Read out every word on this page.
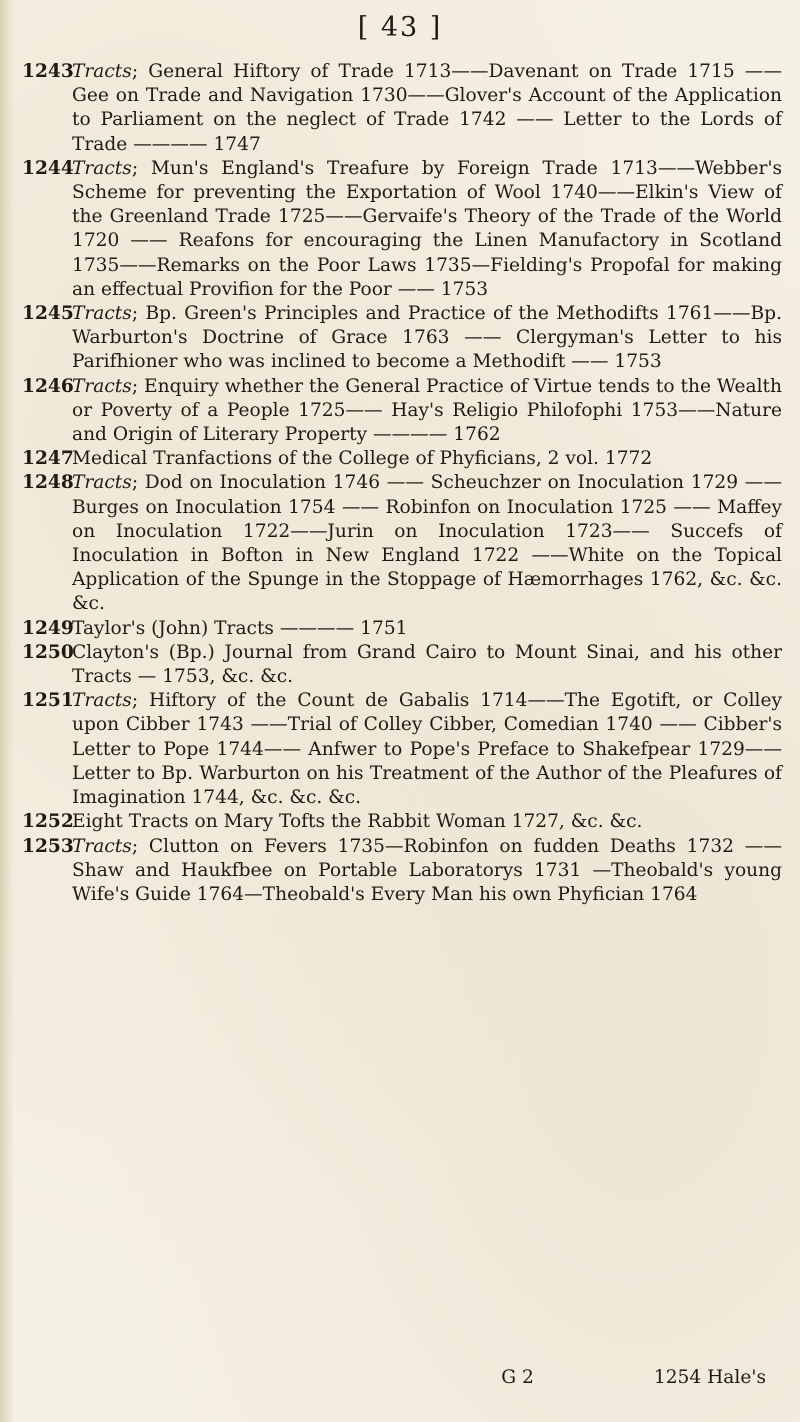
[ 43 ]

1243
Tracts; General Hiftory of Trade 1713——Davenant on Trade 1715 —— Gee on Trade and Navigation 1730——Glover's Account of the Application to Parliament on the neglect of Trade 1742 —— Letter to the Lords of Trade ———— 1747

1244
Tracts; Mun's England's Treafure by Foreign Trade 1713——Webber's Scheme for preventing the Exportation of Wool 1740——Elkin's View of the Greenland Trade 1725——Gervaife's Theory of the Trade of the World 1720 —— Reafons for encouraging the Linen Manufactory in Scotland 1735——Remarks on the Poor Laws 1735—Fielding's Propofal for making an effectual Provifion for the Poor —— 1753

1245
Tracts; Bp. Green's Principles and Practice of the Methodifts 1761——Bp. Warburton's Doctrine of Grace 1763 —— Clergyman's Letter to his Parifhioner who was inclined to become a Methodift —— 1753

1246
Tracts; Enquiry whether the General Practice of Virtue tends to the Wealth or Poverty of a People 1725—— Hay's Religio Philofophi 1753——Nature and Origin of Literary Property ———— 1762

1247
Medical Tranfactions of the College of Phyficians, 2 vol. 1772

1248
Tracts; Dod on Inoculation 1746 —— Scheuchzer on Inoculation 1729 —— Burges on Inoculation 1754 —— Robinfon on Inoculation 1725 —— Maffey on Inoculation 1722——Jurin on Inoculation 1723—— Succefs of Inoculation in Bofton in New England 1722 ——White on the Topical Application of the Spunge in the Stoppage of Hæmorrhages 1762, &c. &c. &c.

1249
Taylor's (John) Tracts ———— 1751

1250
Clayton's (Bp.) Journal from Grand Cairo to Mount Sinai, and his other Tracts — 1753, &c. &c.

1251
Tracts; Hiftory of the Count de Gabalis 1714——The Egotift, or Colley upon Cibber 1743 ——Trial of Colley Cibber, Comedian 1740 —— Cibber's Letter to Pope 1744—— Anfwer to Pope's Preface to Shakefpear 1729——Letter to Bp. Warburton on his Treatment of the Author of the Pleafures of Imagination 1744, &c. &c. &c.

1252
Eight Tracts on Mary Tofts the Rabbit Woman 1727, &c. &c.

1253
Tracts; Clutton on Fevers 1735—Robinfon on fudden Deaths 1732 —— Shaw and Haukfbee on Portable Laboratorys 1731 —Theobald's young Wife's Guide 1764—Theobald's Every Man his own Phyfician 1764

G 2	1254 Hale's
